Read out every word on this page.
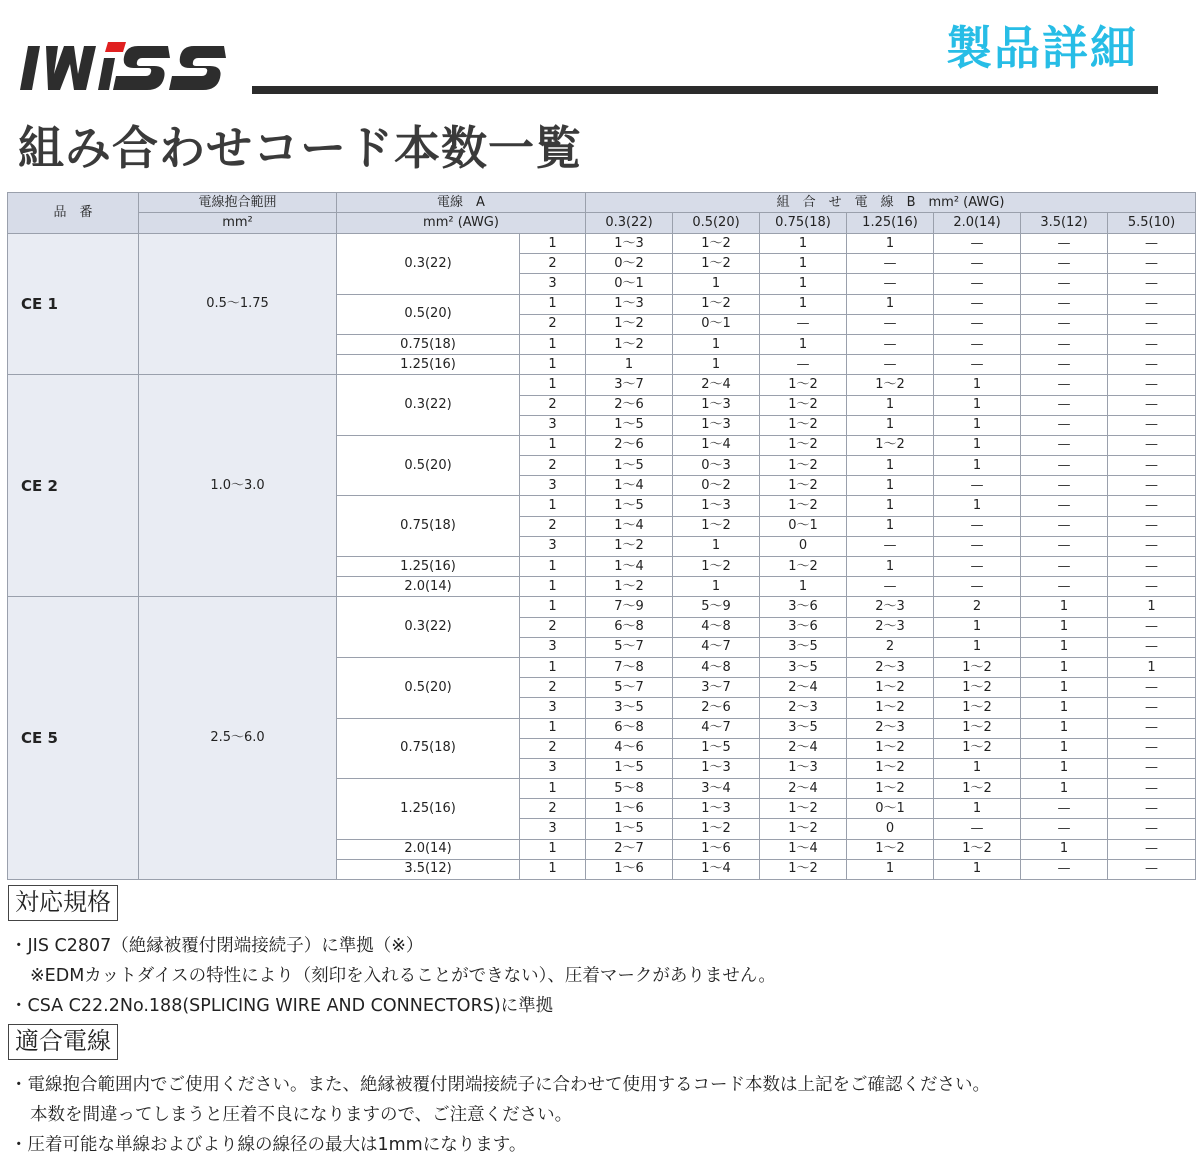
IWISS	製品詳細
組み合わせコード本数一覧
品　番	電線抱合範囲	電線　A		組　合　せ　電　線　B　mm² (AWG)						
	mm²	mm² (AWG)		0.3(22)	0.5(20)	0.75(18)	1.25(16)	2.0(14)	3.5(12)	5.5(10)
CE 1	0.5～1.75	0.3(22)	1	1～3	1～2	1	1	—	—	—
			2	0～2	1～2	1	—	—	—	—
			3	0～1	1	1	—	—	—	—
		0.5(20)	1	1～3	1～2	1	1	—	—	—
			2	1～2	0～1	—	—	—	—	—
		0.75(18)	1	1～2	1	1	—	—	—	—
		1.25(16)	1	1	1	—	—	—	—	—
CE 2	1.0～3.0	0.3(22)	1	3～7	2～4	1～2	1～2	1	—	—
			2	2～6	1～3	1～2	1	1	—	—
			3	1～5	1～3	1～2	1	1	—	—
		0.5(20)	1	2～6	1～4	1～2	1～2	1	—	—
			2	1～5	0～3	1～2	1	1	—	—
			3	1～4	0～2	1～2	1	—	—	—
		0.75(18)	1	1～5	1～3	1～2	1	1	—	—
			2	1～4	1～2	0～1	1	—	—	—
			3	1～2	1	0	—	—	—	—
		1.25(16)	1	1～4	1～2	1～2	1	—	—	—
		2.0(14)	1	1～2	1	1	—	—	—	—
CE 5	2.5～6.0	0.3(22)	1	7～9	5～9	3～6	2～3	2	1	1
			2	6～8	4～8	3～6	2～3	1	1	—
			3	5～7	4～7	3～5	2	1	1	—
		0.5(20)	1	7～8	4～8	3～5	2～3	1～2	1	1
			2	5～7	3～7	2～4	1～2	1～2	1	—
			3	3～5	2～6	2～3	1～2	1～2	1	—
		0.75(18)	1	6～8	4～7	3～5	2～3	1～2	1	—
			2	4～6	1～5	2～4	1～2	1～2	1	—
			3	1～5	1～3	1～3	1～2	1	1	—
		1.25(16)	1	5～8	3～4	2～4	1～2	1～2	1	—
			2	1～6	1～3	1～2	0～1	1	—	—
			3	1～5	1～2	1～2	0	—	—	—
		2.0(14)	1	2～7	1～6	1～4	1～2	1～2	1	—
		3.5(12)	1	1～6	1～4	1～2	1	1	—	—
対応規格
・JIS C2807（絶縁被覆付閉端接続子）に準拠（※）
※EDMカットダイスの特性により（刻印を入れることができない）、圧着マークがありません。
・CSA C22.2No.188(SPLICING WIRE AND CONNECTORS)に準拠
適合電線
・電線抱合範囲内でご使用ください。また、絶縁被覆付閉端接続子に合わせて使用するコード本数は上記をご確認ください。
本数を間違ってしまうと圧着不良になりますので、ご注意ください。
・圧着可能な単線およびより線の線径の最大は1mmになります。
